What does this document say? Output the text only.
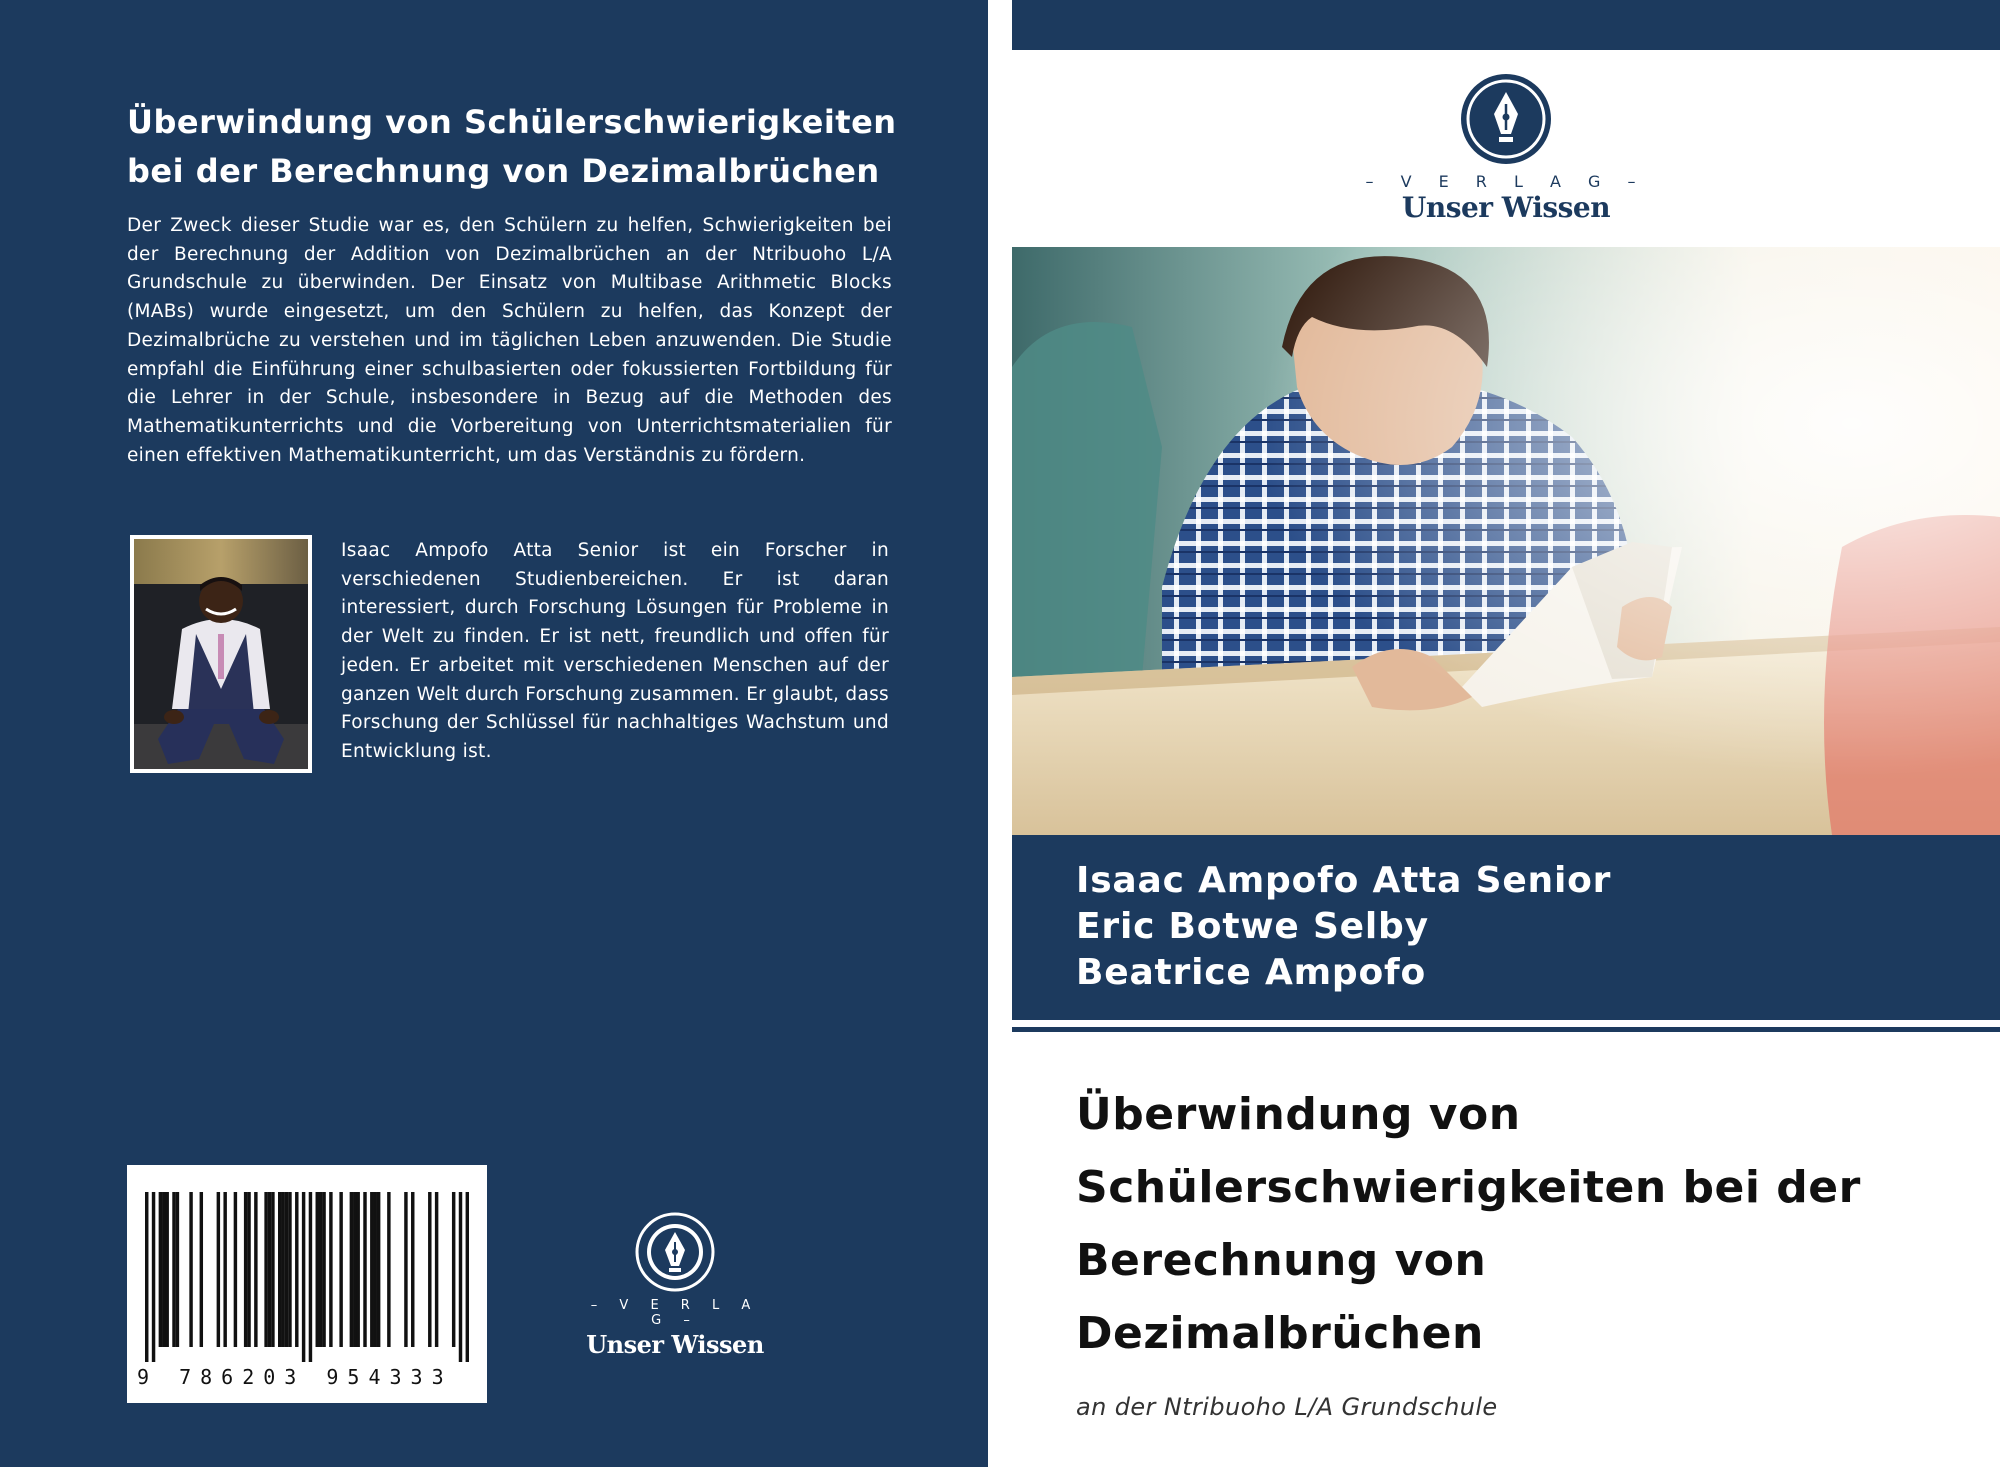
Überwindung von Schülerschwierigkeiten
bei der Berechnung von Dezimalbrüchen

Der Zweck dieser Studie war es, den Schülern zu helfen, Schwierigkeiten bei der Berechnung der Addition von Dezimalbrüchen an der Ntribuoho L/A Grundschule zu überwinden. Der Einsatz von Multibase Arithmetic Blocks (MABs) wurde eingesetzt, um den Schülern zu helfen, das Konzept der Dezimalbrüche zu verstehen und im täglichen Leben anzuwenden. Die Studie empfahl die Einführung einer schulbasierten oder fokussierten Fortbildung für die Lehrer in der Schule, insbesondere in Bezug auf die Methoden des Mathematikunterrichts und die Vorbereitung von Unterrichtsmaterialien für einen effektiven Mathematikunterricht, um das Verständnis zu fördern.

Isaac Ampofo Atta Senior ist ein Forscher in verschiedenen Studienbereichen. Er ist daran interessiert, durch Forschung Lösungen für Probleme in der Welt zu finden. Er ist nett, freundlich und offen für jeden. Er arbeitet mit verschiedenen Menschen auf der ganzen Welt durch Forschung zusammen. Er glaubt, dass Forschung der Schlüssel für nachhaltiges Wachstum und Entwicklung ist.

9 786203 954333
– V E R L A G –
Unser Wissen
– V E R L A G –
Unser Wissen

Isaac Ampofo Atta Senior

Eric Botwe Selby

Beatrice Ampofo

Überwindung von
Schülerschwierigkeiten bei der
Berechnung von
Dezimalbrüchen

an der Ntribuoho L/A Grundschule
